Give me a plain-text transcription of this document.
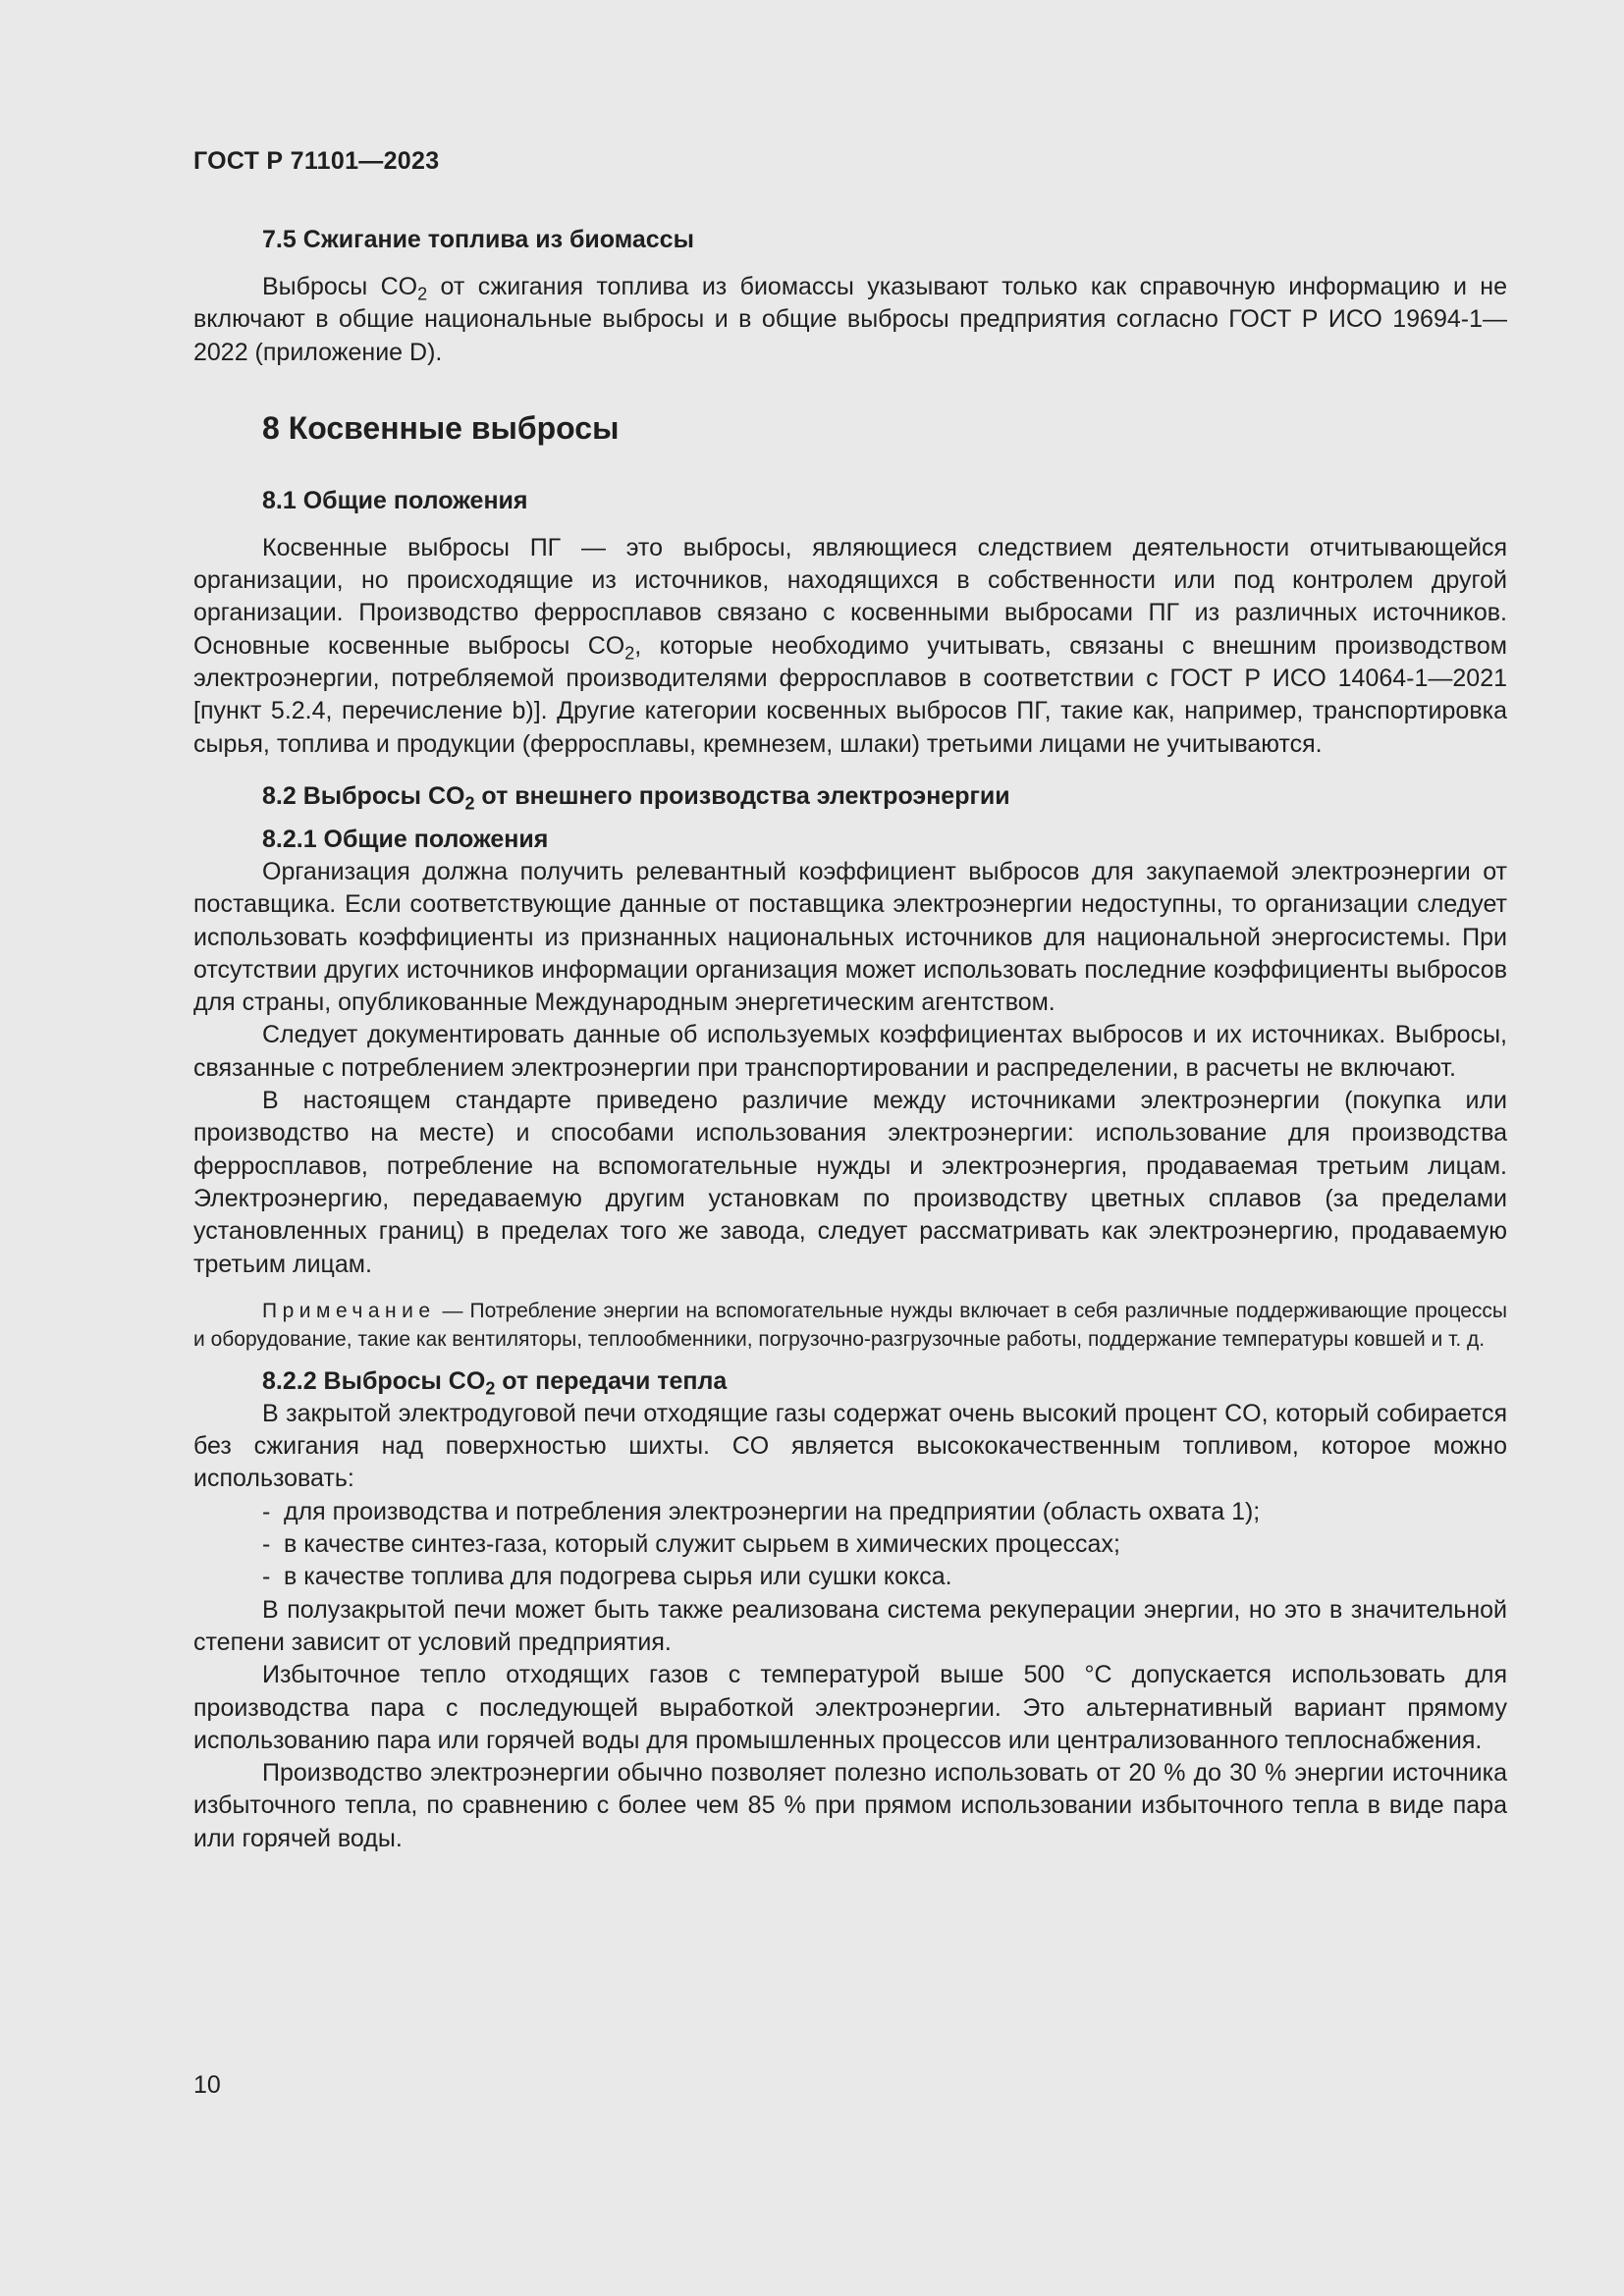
ГОСТ Р 71101—2023
7.5 Сжигание топлива из биомассы

Выбросы $CO_2$ от сжигания топлива из биомассы указывают только как справочную информацию и не включают в общие национальные выбросы и в общие выбросы предприятия согласно ГОСТ Р ИСО 19694-1—2022 (приложение D).

8 Косвенные выбросы
8.1 Общие положения

Косвенные выбросы ПГ — это выбросы, являющиеся следствием деятельности отчитывающейся организации, но происходящие из источников, находящихся в собственности или под контролем другой организации. Производство ферросплавов связано с косвенными выбросами ПГ из различных источников. Основные косвенные выбросы $CO_2$, которые необходимо учитывать, связаны с внешним производством электроэнергии, потребляемой производителями ферросплавов в соответствии с ГОСТ Р ИСО 14064-1—2021 [пункт 5.2.4, перечисление b)]. Другие категории косвенных выбросов ПГ, такие как, например, транспортировка сырья, топлива и продукции (ферросплавы, кремнезем, шлаки) третьими лицами не учитываются.

8.2 Выбросы $CO_2$ от внешнего производства электроэнергии
8.2.1 Общие положения

Организация должна получить релевантный коэффициент выбросов для закупаемой электроэнергии от поставщика. Если соответствующие данные от поставщика электроэнергии недоступны, то организации следует использовать коэффициенты из признанных национальных источников для национальной энергосистемы. При отсутствии других источников информации организация может использовать последние коэффициенты выбросов для страны, опубликованные Международным энергетическим агентством.

Следует документировать данные об используемых коэффициентах выбросов и их источниках. Выбросы, связанные с потреблением электроэнергии при транспортировании и распределении, в расчеты не включают.

В настоящем стандарте приведено различие между источниками электроэнергии (покупка или производство на месте) и способами использования электроэнергии: использование для производства ферросплавов, потребление на вспомогательные нужды и электроэнергия, продаваемая третьим лицам. Электроэнергию, передаваемую другим установкам по производству цветных сплавов (за пределами установленных границ) в пределах того же завода, следует рассматривать как электроэнергию, продаваемую третьим лицам.

Примечание — Потребление энергии на вспомогательные нужды включает в себя различные поддерживающие процессы и оборудование, такие как вентиляторы, теплообменники, погрузочно-разгрузочные работы, поддержание температуры ковшей и т. д.
8.2.2 Выбросы $CO_2$ от передачи тепла

В закрытой электродуговой печи отходящие газы содержат очень высокий процент CO, который собирается без сжигания над поверхностью шихты. CO является высококачественным топливом, которое можно использовать:

- для производства и потребления электроэнергии на предприятии (область охвата 1);
- в качестве синтез-газа, который служит сырьем в химических процессах;
- в качестве топлива для подогрева сырья или сушки кокса.

В полузакрытой печи может быть также реализована система рекуперации энергии, но это в значительной степени зависит от условий предприятия.

Избыточное тепло отходящих газов с температурой выше 500 °C допускается использовать для производства пара с последующей выработкой электроэнергии. Это альтернативный вариант прямому использованию пара или горячей воды для промышленных процессов или централизованного теплоснабжения.

Производство электроэнергии обычно позволяет полезно использовать от 20 % до 30 % энергии источника избыточного тепла, по сравнению с более чем 85 % при прямом использовании избыточного тепла в виде пара или горячей воды.

10
